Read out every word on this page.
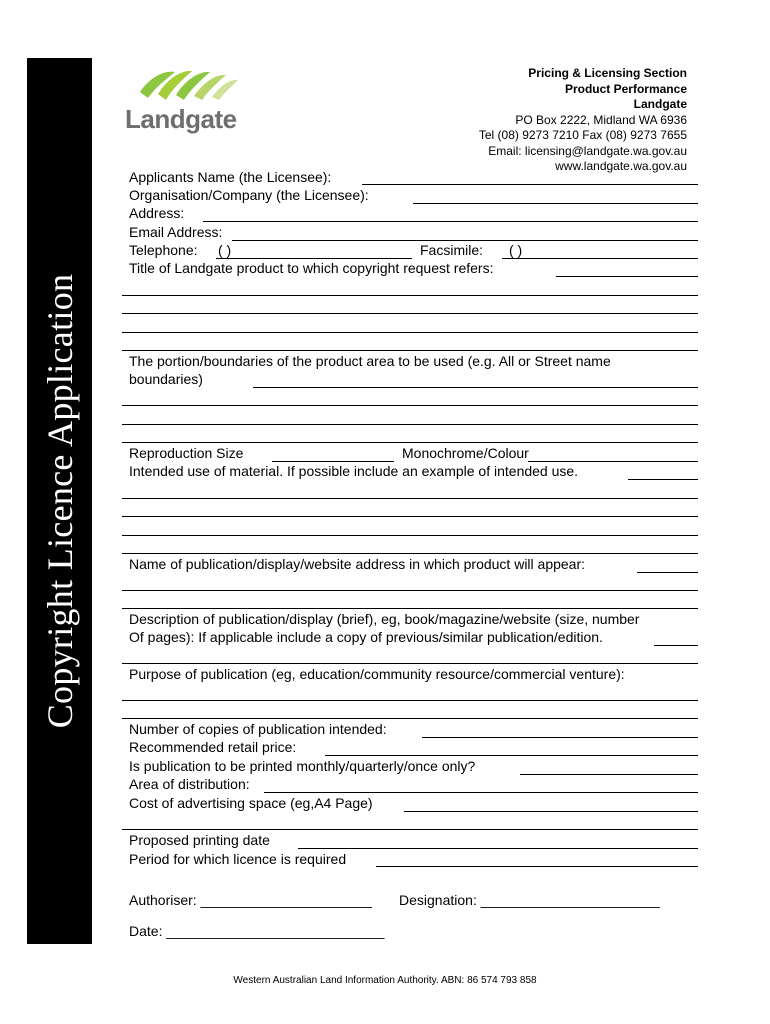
Copyright Licence Application
Landgate
Pricing & Licensing Section
Product Performance
Landgate
PO Box 2222, Midland WA 6936
Tel (08) 9273 7210 Fax (08) 9273 7655
Email: licensing@landgate.wa.gov.au
www.landgate.wa.gov.au
Applicants Name (the Licensee):
Organisation/Company (the Licensee):
Address:
Email Address:
Telephone: ( )	Facsimile: ( )
Title of Landgate product to which copyright request refers:
The portion/boundaries of the product area to be used (e.g. All or Street name
boundaries)
Reproduction Size	Monochrome/Colour
Intended use of material. If possible include an example of intended use.
Name of publication/display/website address in which product will appear:
Description of publication/display (brief), eg, book/magazine/website (size, number
Of pages): If applicable include a copy of previous/similar publication/edition.
Purpose of publication (eg, education/community resource/commercial venture):
Number of copies of publication intended:
Recommended retail price:
Is publication to be printed monthly/quarterly/once only?
Area of distribution:
Cost of advertising space (eg,A4 Page)
Proposed printing date
Period for which licence is required
Authoriser: ______________________ Designation: _______________________
Date: ____________________________
Western Australian Land Information Authority. ABN: 86 574 793 858
